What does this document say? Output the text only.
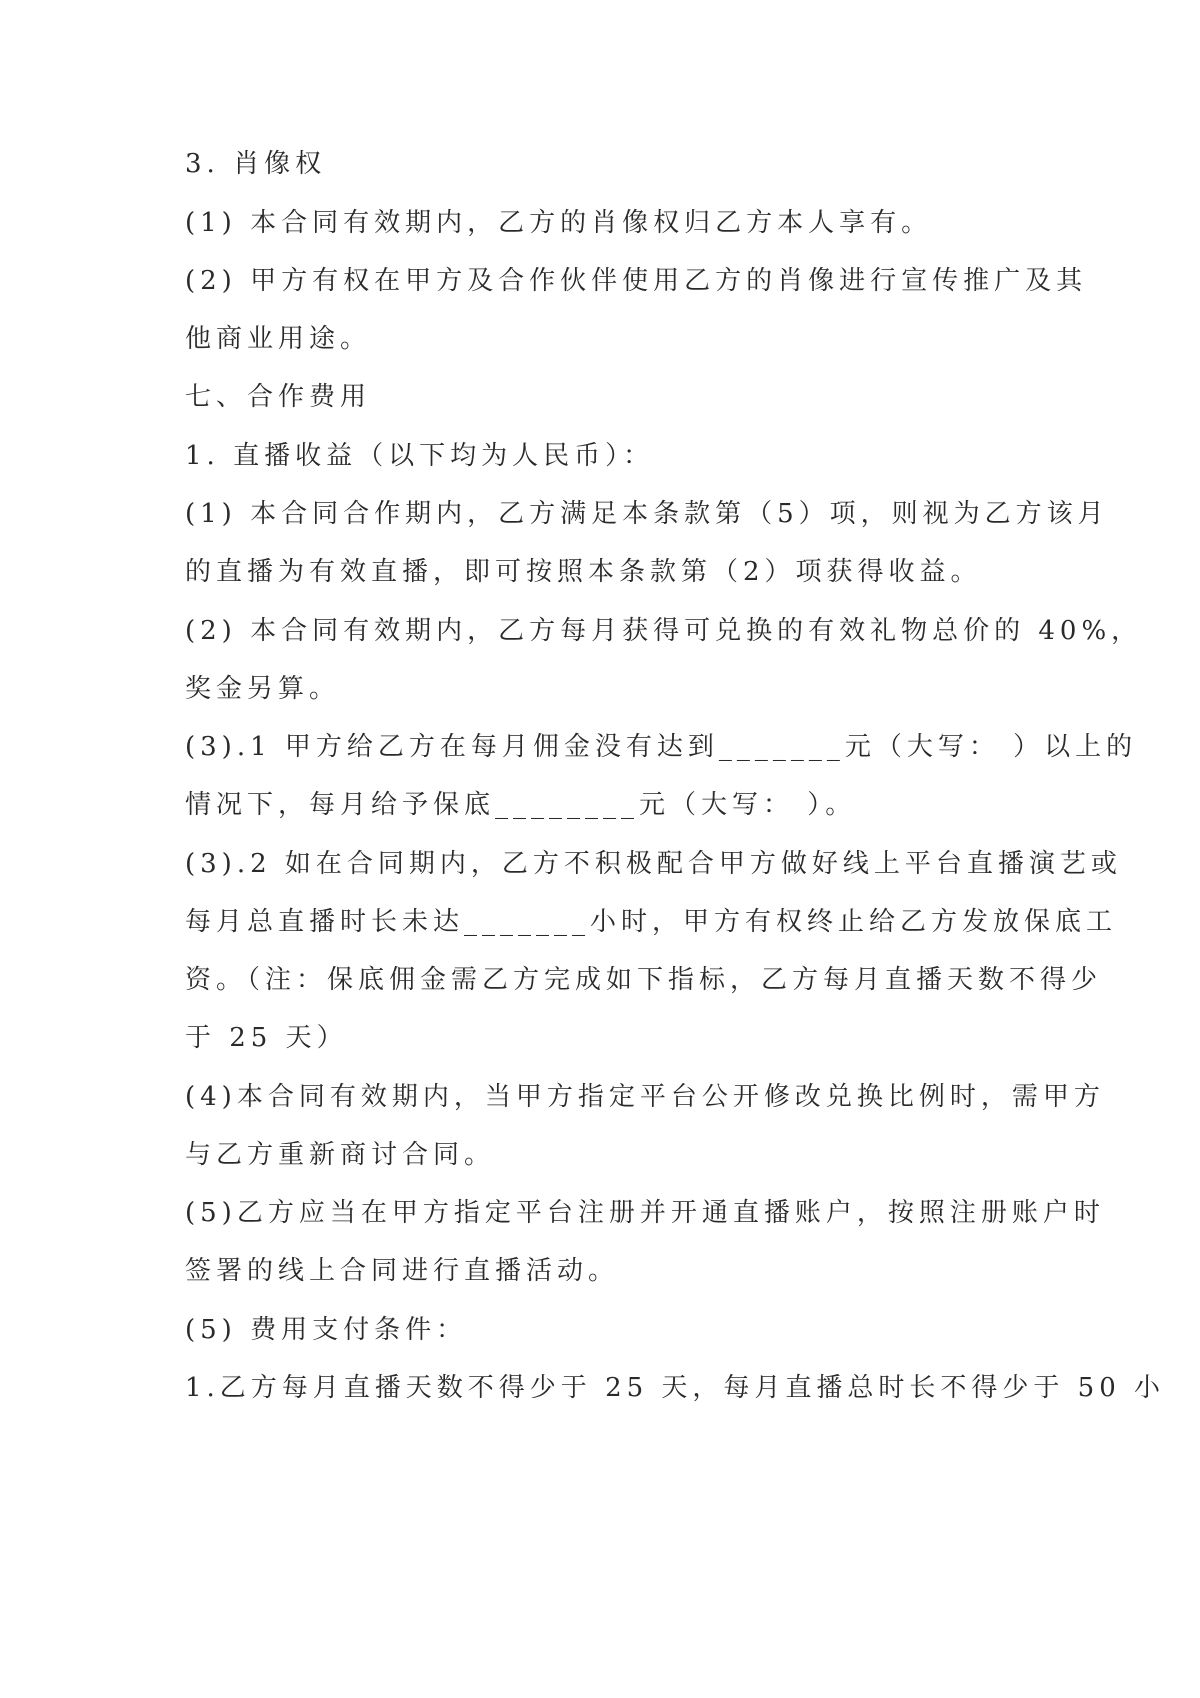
3. 肖像权
(1) 本合同有效期内，乙方的肖像权归乙方本人享有。
(2) 甲方有权在甲方及合作伙伴使用乙方的肖像进行宣传推广及其
他商业用途。
七、合作费用
1. 直播收益（以下均为人民币）：
(1) 本合同合作期内，乙方满足本条款第（5）项，则视为乙方该月
的直播为有效直播，即可按照本条款第（2）项获得收益。
(2) 本合同有效期内，乙方每月获得可兑换的有效礼物总价的 40%，
奖金另算。
(3).1 甲方给乙方在每月佣金没有达到_______元（大写： ）以上的
情况下，每月给予保底________元（大写： ）。
(3).2 如在合同期内，乙方不积极配合甲方做好线上平台直播演艺或
每月总直播时长未达_______小时，甲方有权终止给乙方发放保底工
资。（注：保底佣金需乙方完成如下指标，乙方每月直播天数不得少
于 25 天）
(4)本合同有效期内，当甲方指定平台公开修改兑换比例时，需甲方
与乙方重新商讨合同。
(5)乙方应当在甲方指定平台注册并开通直播账户，按照注册账户时
签署的线上合同进行直播活动。
(5) 费用支付条件：
1.乙方每月直播天数不得少于 25 天，每月直播总时长不得少于 50 小
